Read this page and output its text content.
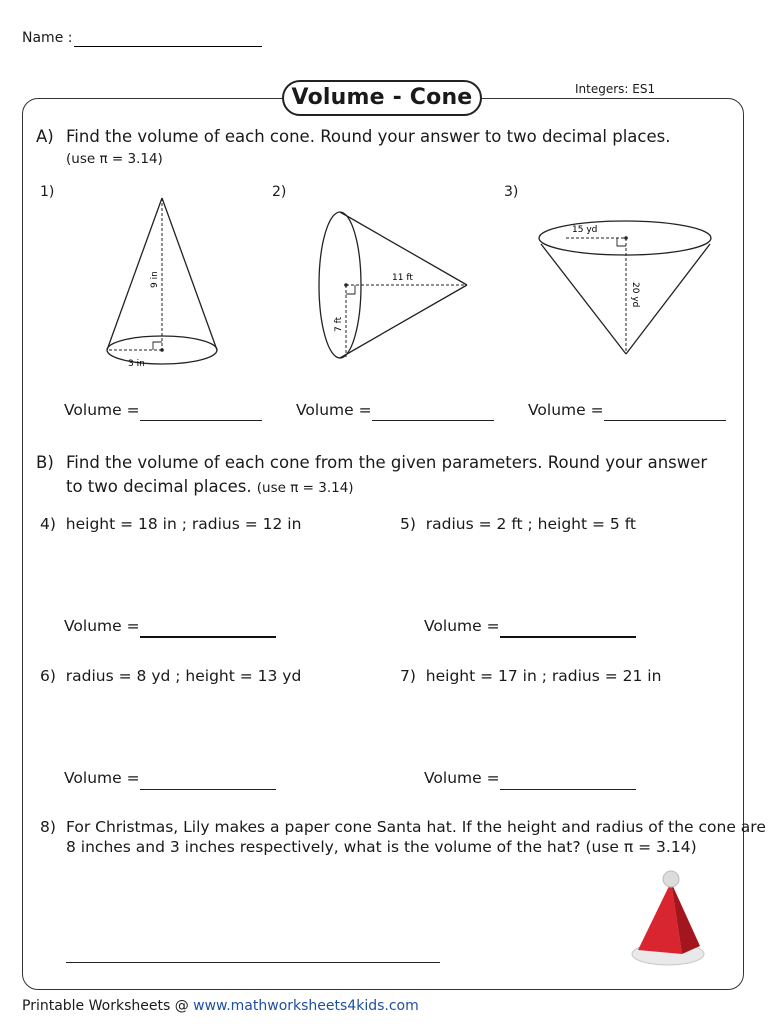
Name :
Volume - Cone	Integers: ES1
A) Find the volume of each cone. Round your answer to two decimal places.
(use π = 3.14)
1)	2)	3)
9 in
3 in
11 ft
7 ft
15 yd
20 yd
Volume =	Volume =	Volume =
B) Find the volume of each cone from the given parameters. Round your answer
to two decimal places. (use π = 3.14)
4) height = 18 in ; radius = 12 in	5) radius = 2 ft ; height = 5 ft
Volume =	Volume =
6) radius = 8 yd ; height = 13 yd	7) height = 17 in ; radius = 21 in
Volume =	Volume =
8) For Christmas, Lily makes a paper cone Santa hat. If the height and radius of the cone are
8 inches and 3 inches respectively, what is the volume of the hat? (use π = 3.14)
Printable Worksheets @ www.mathworksheets4kids.com
